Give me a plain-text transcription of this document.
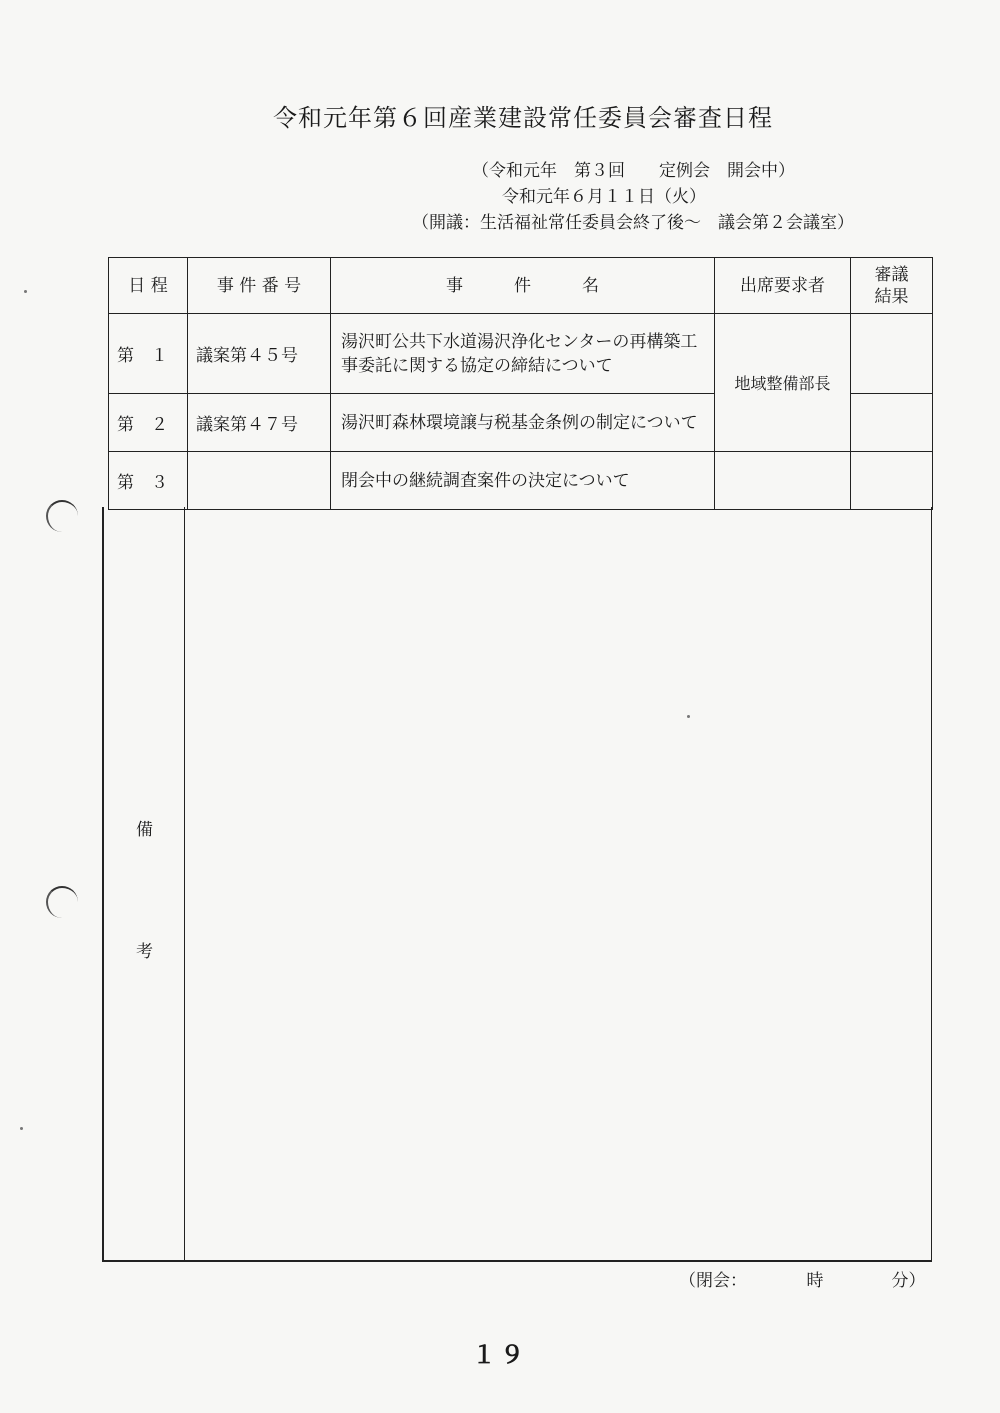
令和元年第６回産業建設常任委員会審査日程
（令和元年　第３回　　定例会　開会中）
令和元年６月１１日（火）
（開議：生活福祉常任委員会終了後～　議会第２会議室）
日 程	事 件 番 号	事　　　件　　　名	出席要求者	審議
結果

第　１	議案第４５号	湯沢町公共下水道湯沢浄化センターの再構築工事委託に関する協定の締結について	地域整備部長	
第　２	議案第４７号	湯沢町森林環境譲与税基金条例の制定について		
第　３		閉会中の継続調査案件の決定について		
備
考
（閉会：　　　　時　　　　分）
１９
